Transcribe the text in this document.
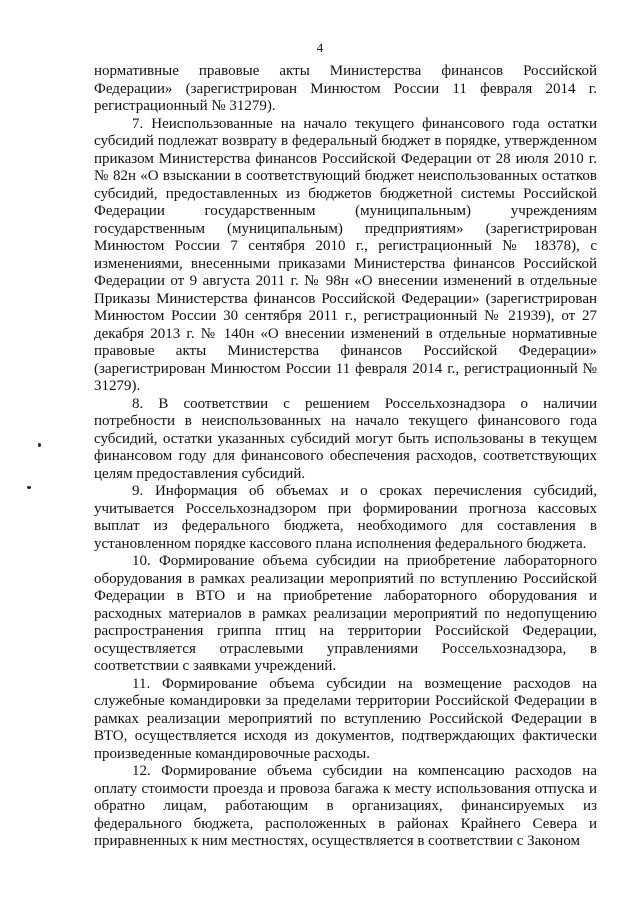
4

нормативные правовые акты Министерства финансов Российской Федерации» (зарегистрирован Минюстом России 11 февраля 2014 г. регистрационный № 31279).

7. Неиспользованные на начало текущего финансового года остатки субсидий подлежат возврату в федеральный бюджет в порядке, утвержденном приказом Министерства финансов Российской Федерации от 28 июля 2010 г. № 82н «О взыскании в соответствующий бюджет неиспользованных остатков субсидий, предоставленных из бюджетов бюджетной системы Российской Федерации государственным (муниципальным) учреждениям государственным (муниципальным) предприятиям» (зарегистрирован Минюстом России 7 сентября 2010 г., регистрационный № 18378), с изменениями, внесенными приказами Министерства финансов Российской Федерации от 9 августа 2011 г. № 98н «О внесении изменений в отдельные Приказы Министерства финансов Российской Федерации» (зарегистрирован Минюстом России 30 сентября 2011 г., регистрационный № 21939), от 27 декабря 2013 г. № 140н «О внесении изменений в отдельные нормативные правовые акты Министерства финансов Российской Федерации» (зарегистрирован Минюстом России 11 февраля 2014 г., регистрационный № 31279).

8. В соответствии с решением Россельхознадзора о наличии потребности в неиспользованных на начало текущего финансового года субсидий, остатки указанных субсидий могут быть использованы в текущем финансовом году для финансового обеспечения расходов, соответствующих целям предоставления субсидий.

9. Информация об объемах и о сроках перечисления субсидий, учитывается Россельхознадзором при формировании прогноза кассовых выплат из федерального бюджета, необходимого для составления в установленном порядке кассового плана исполнения федерального бюджета.

10. Формирование объема субсидии на приобретение лабораторного оборудования в рамках реализации мероприятий по вступлению Российской Федерации в ВТО и на приобретение лабораторного оборудования и расходных материалов в рамках реализации мероприятий по недопущению распространения гриппа птиц на территории Российской Федерации, осуществляется отраслевыми управлениями Россельхознадзора, в соответствии с заявками учреждений.

11. Формирование объема субсидии на возмещение расходов на служебные командировки за пределами территории Российской Федерации в рамках реализации мероприятий по вступлению Российской Федерации в ВТО, осуществляется исходя из документов, подтверждающих фактически произведенные командировочные расходы.

12. Формирование объема субсидии на компенсацию расходов на оплату стоимости проезда и провоза багажа к месту использования отпуска и обратно лицам, работающим в организациях, финансируемых из федерального бюджета, расположенных в районах Крайнего Севера и приравненных к ним местностях, осуществляется в соответствии с Законом
